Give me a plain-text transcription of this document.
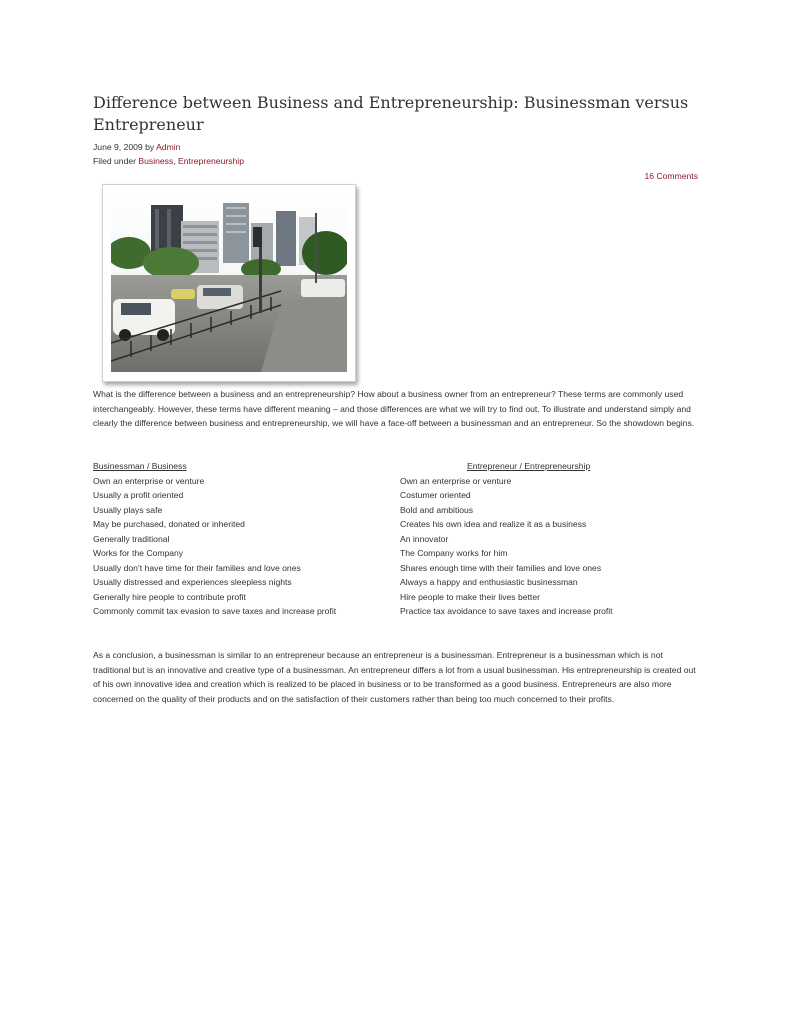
Difference between Business and Entrepreneurship: Businessman versus Entrepreneur
June 9, 2009 by Admin
Filed under Business, Entrepreneurship
16 Comments

What is the difference between a business and an entrepreneurship? How about a business owner from an entrepreneur? These terms are commonly used interchangeably. However, these terms have different meaning – and those differences are what we will try to find out. To illustrate and understand simply and clearly the difference between business and entrepreneurship, we will have a face-off between a businessman and an entrepreneur. So the showdown begins.

Businessman / Business	Entrepreneur / Entrepreneurship
Own an enterprise or venture	Own an enterprise or venture
Usually a profit oriented	Costumer oriented
Usually plays safe	Bold and ambitious
May be purchased, donated or inherited	Creates his own idea and realize it as a business
Generally traditional	An innovator
Works for the Company	The Company works for him
Usually don’t have time for their families and love ones	Shares enough time with their families and love ones
Usually distressed and experiences sleepless nights	Always a happy and enthusiastic businessman
Generally hire people to contribute profit	Hire people to make their lives better
Commonly commit tax evasion to save taxes and increase profit	Practice tax avoidance to save taxes and increase profit

As a conclusion, a businessman is similar to an entrepreneur because an entrepreneur is a businessman. Entrepreneur is a businessman which is not traditional but is an innovative and creative type of a businessman. An entrepreneur differs a lot from a usual businessman. His entrepreneurship is created out of his own innovative idea and creation which is realized to be placed in business or to be transformed as a good business. Entrepreneurs are also more concerned on the quality of their products and on the satisfaction of their customers rather than being too much concerned to their profits.
